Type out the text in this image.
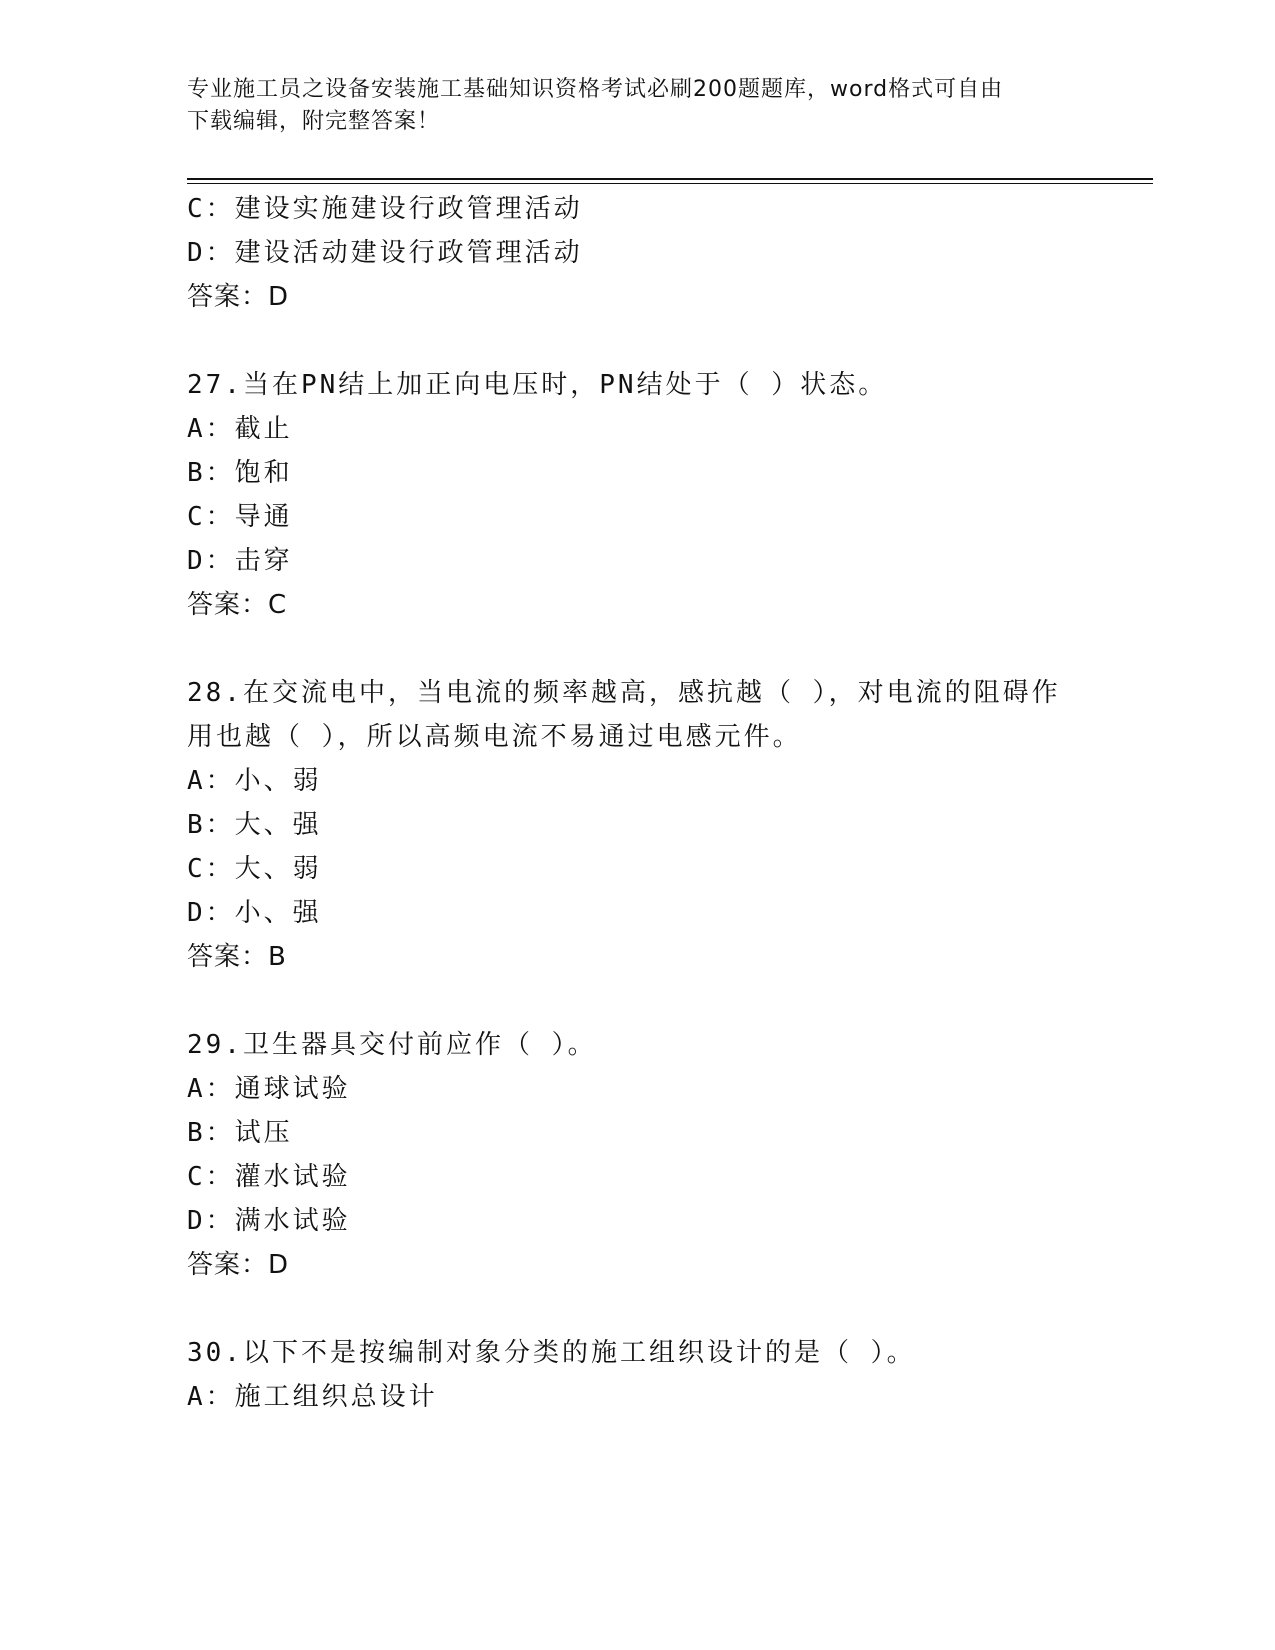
专业施工员之设备安装施工基础知识资格考试必刷200题题库，word格式可自由
下载编辑，附完整答案！
C：建设实施建设行政管理活动
D：建设活动建设行政管理活动
答案：D
27.当在PN结上加正向电压时，PN结处于（ ）状态。
A：截止
B：饱和
C：导通
D：击穿
答案：C
28.在交流电中，当电流的频率越高，感抗越（ ），对电流的阻碍作
用也越（ ），所以高频电流不易通过电感元件。
A：小、弱
B：大、强
C：大、弱
D：小、强
答案：B
29.卫生器具交付前应作（ ）。
A：通球试验
B：试压
C：灌水试验
D：满水试验
答案：D
30.以下不是按编制对象分类的施工组织设计的是（ ）。
A：施工组织总设计
